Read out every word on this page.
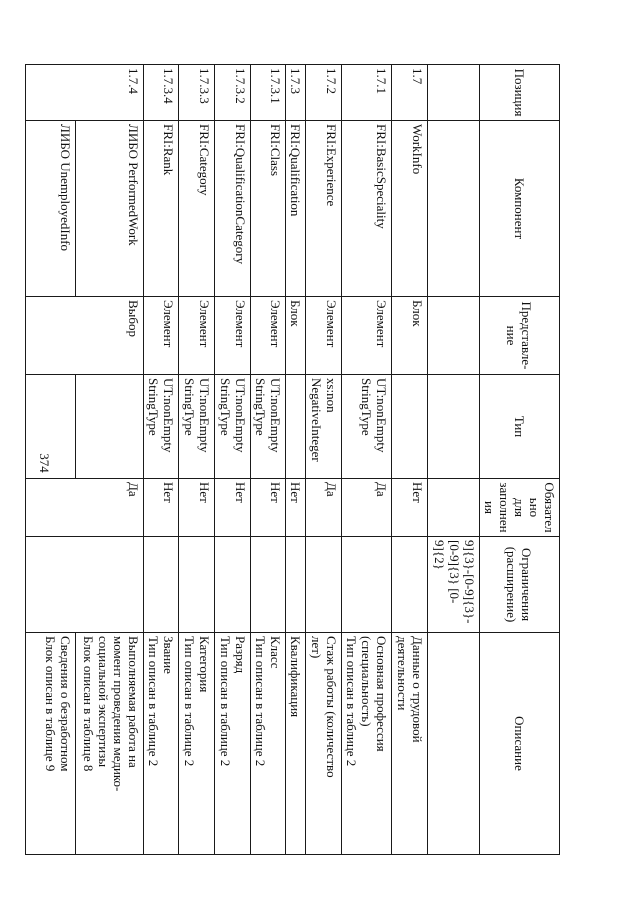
374
Позиция	Компонент	Представле-
ние	Тип	Обязательно
для
заполнения	Ограничения
(расширение)	Описание

					9]{3}-[0-9]{3}-
[0-9]{3} [0-
9]{2}	

1.7	WorkInfo	Блок		Нет		Данные о трудовой
деятельности

1.7.1	FRI:BasicSpeciality	Элемент	UT:nonEmpty
StringType	Да		Основная профессия
(специальность)
Тип описан в таблице 2

1.7.2	FRI:Experience	Элемент	xs:non
NegativeInteger	Да		Стаж работы (количество
лет)

1.7.3	FRI:Qualification	Блок		Нет		Квалификация

1.7.3.1	FRI:Class	Элемент	UT:nonEmpty
StringType	Нет		Класс
Тип описан в таблице 2

1.7.3.2	FRI:QualificationCategory	Элемент	UT:nonEmpty
StringType	Нет		Разряд
Тип описан в таблице 2

1.7.3.3	FRI:Category	Элемент	UT:nonEmpty
StringType	Нет		Категория
Тип описан в таблице 2

1.7.3.4	FRI:Rank	Элемент	UT:nonEmpty
StringType	Нет		Звание
Тип описан в таблице 2

1.7.4	ЛИБО PerformedWork	Выбор		Да		Выполняемая работа на
момент проведения медико-
социальной экспертизы
Блок описан в таблице 8

	ЛИБО UnemployedInfo					Сведения о безработном
Блок описан в таблице 9
